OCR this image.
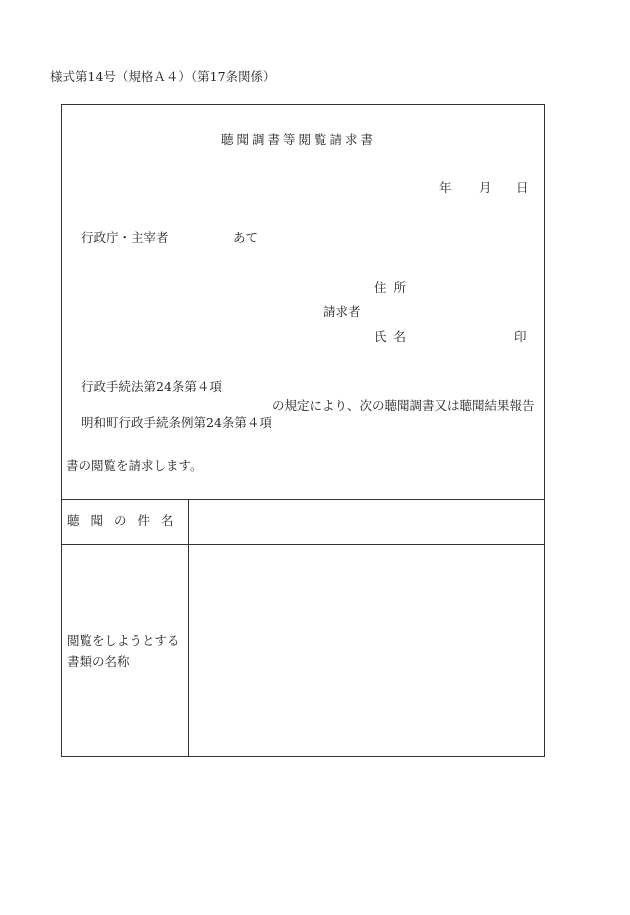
様式第14号（規格Ａ４）（第17条関係）
聴聞調書等閲覧請求書
年 月 日
行政庁・主宰者	あて
住所
請求者
氏名	印
行政手続法第24条第４項
の規定により、次の聴聞調書又は聴聞結果報告
明和町行政手続条例第24条第４項
書の閲覧を請求します。
聴聞の件名
閲覧をしようとする
書類の名称
